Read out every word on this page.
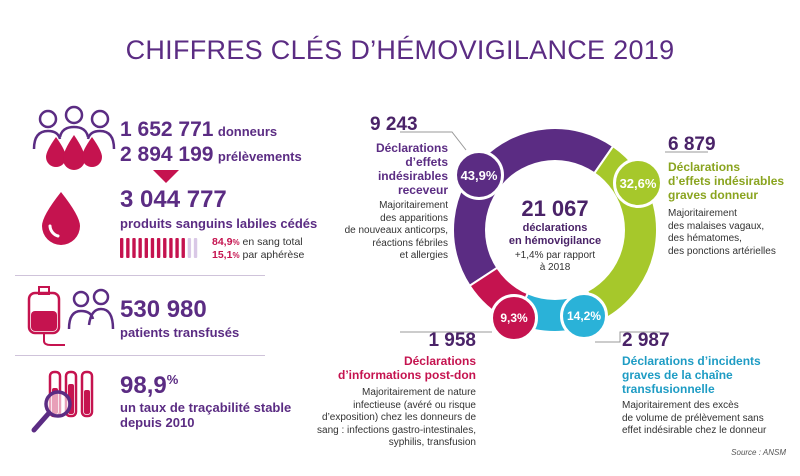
CHIFFRES CLÉS D’HÉMOVIGILANCE 2019
1 652 771 donneurs
2 894 199 prélèvements
3 044 777
produits sanguins labiles cédés
84,9% en sang total
15,1% par aphérèse
530 980
patients transfusés
98,9%
un taux de traçabilité stable
depuis 2010
21 067
déclarations
en hémovigilance
+1,4% par rapport
à 2018
43,9%
32,6%
14,2%
9,3%
9 243
Déclarations
d’effets
indésirables
receveur
Majoritairement
des apparitions
de nouveaux anticorps,
réactions fébriles
et allergies
6 879
Déclarations
d’effets indésirables
graves donneur
Majoritairement
des malaises vagaux,
des hématomes,
des ponctions artérielles
1 958
Déclarations
d’informations post-don
Majoritairement de nature
infectieuse (avéré ou risque
d’exposition) chez les donneurs de
sang : infections gastro-intestinales,
syphilis, transfusion
2 987
Déclarations d’incidents
graves de la chaîne
transfusionnelle
Majoritairement des excès
de volume de prélèvement sans
effet indésirable chez le donneur
Source : ANSM
